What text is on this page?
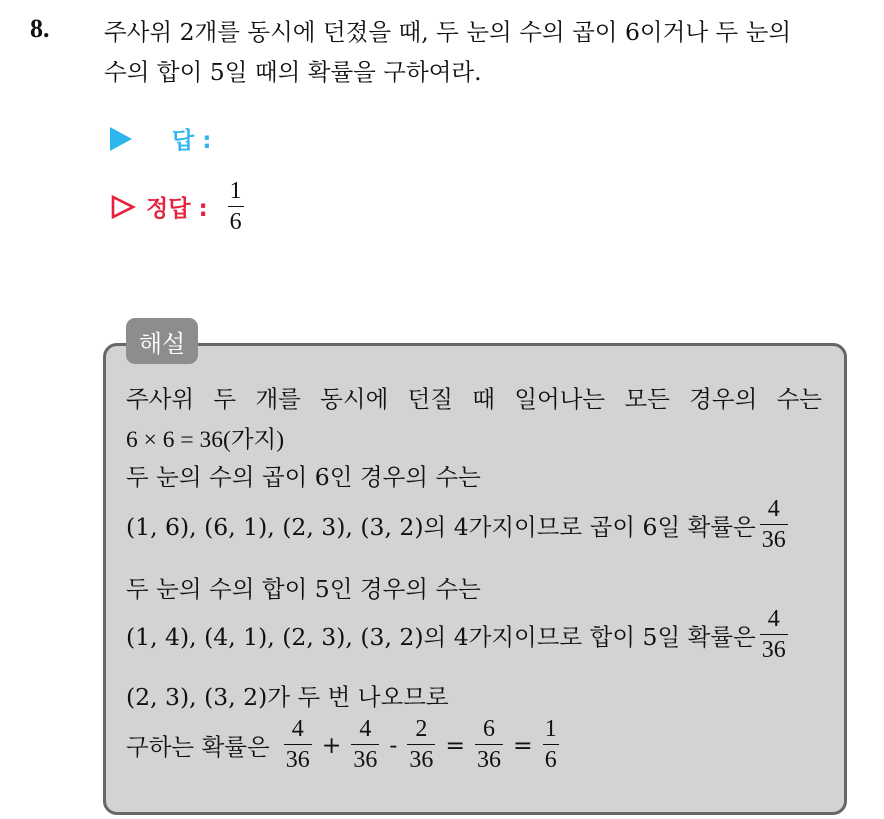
8. 주사위 2개를 동시에 던졌을 때, 두 눈의 수의 곱이 6이거나 두 눈의
수의 합이 5일 때의 확률을 구하여라.
답 :
정답 : $\frac{1}{6}$
해설
주사위 두 개를 동시에 던질 때 일어나는 모든 경우의 수는
6 × 6 = 36(가지)
두 눈의 수의 곱이 6인 경우의 수는
(1, 6), (6, 1), (2, 3), (3, 2)의 4가지이므로 곱이 6일 확률은 $\frac{4}{36}$
두 눈의 수의 합이 5인 경우의 수는
(1, 4), (4, 1), (2, 3), (3, 2)의 4가지이므로 합이 5일 확률은 $\frac{4}{36}$
(2, 3), (3, 2)가 두 번 나오므로
구하는 확률은 $\frac{4}{36} + \frac{4}{36} - \frac{2}{36} = \frac{6}{36} = \frac{1}{6}$
